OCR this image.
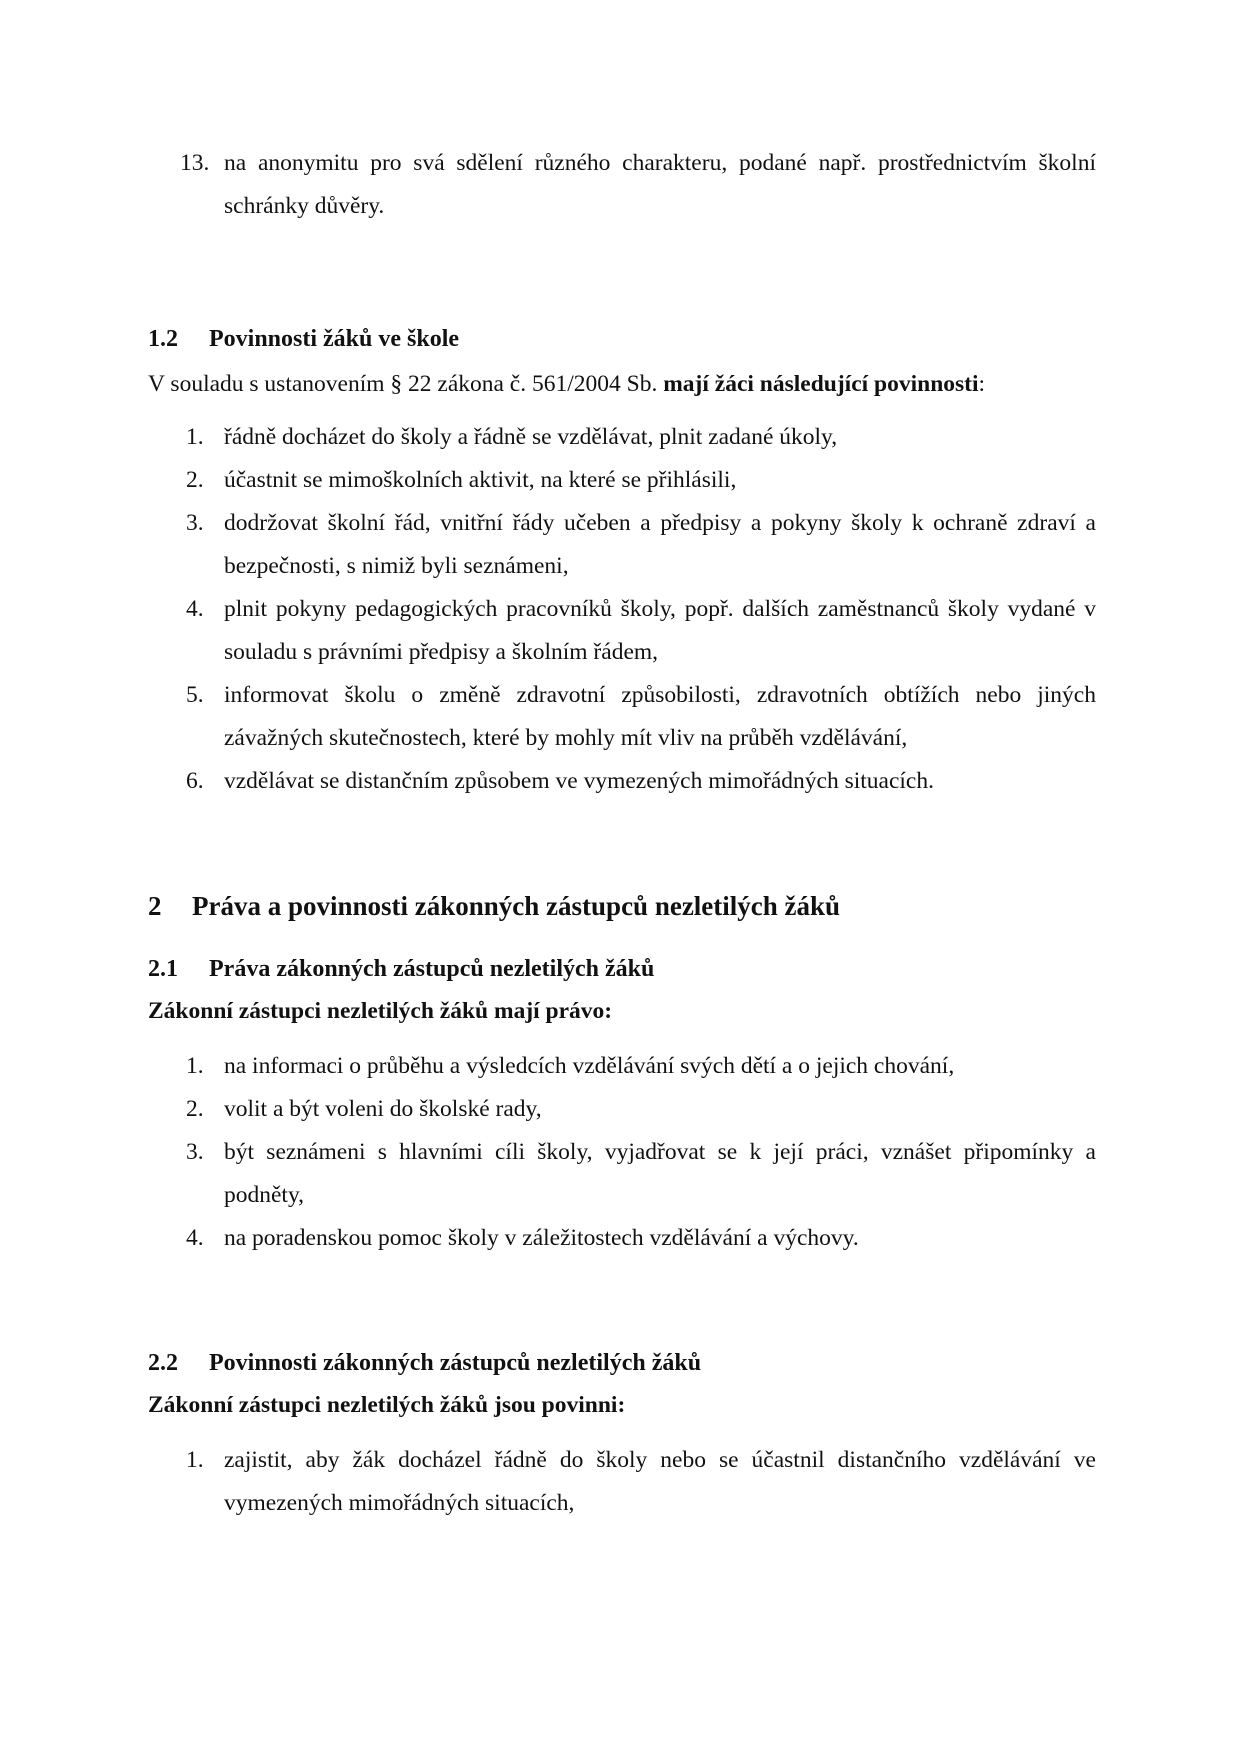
13. na anonymitu pro svá sdělení různého charakteru, podané např. prostřednictvím školní schránky důvěry.
1.2 Povinnosti žáků ve škole
V souladu s ustanovením § 22 zákona č. 561/2004 Sb. mají žáci následující povinnosti:
1. řádně docházet do školy a řádně se vzdělávat, plnit zadané úkoly,
2. účastnit se mimoškolních aktivit, na které se přihlásili,
3. dodržovat školní řád, vnitřní řády učeben a předpisy a pokyny školy k ochraně zdraví a bezpečnosti, s nimiž byli seznámeni,
4. plnit pokyny pedagogických pracovníků školy, popř. dalších zaměstnanců školy vydané v souladu s právními předpisy a školním řádem,
5. informovat školu o změně zdravotní způsobilosti, zdravotních obtížích nebo jiných závažných skutečnostech, které by mohly mít vliv na průběh vzdělávání,
6. vzdělávat se distančním způsobem ve vymezených mimořádných situacích.
2 Práva a povinnosti zákonných zástupců nezletilých žáků
2.1 Práva zákonných zástupců nezletilých žáků
Zákonní zástupci nezletilých žáků mají právo:
1. na informaci o průběhu a výsledcích vzdělávání svých dětí a o jejich chování,
2. volit a být voleni do školské rady,
3. být seznámeni s hlavními cíli školy, vyjadřovat se k její práci, vznášet připomínky a podněty,
4. na poradenskou pomoc školy v záležitostech vzdělávání a výchovy.
2.2 Povinnosti zákonných zástupců nezletilých žáků
Zákonní zástupci nezletilých žáků jsou povinni:
1. zajistit, aby žák docházel řádně do školy nebo se účastnil distančního vzdělávání ve vymezených mimořádných situacích,
